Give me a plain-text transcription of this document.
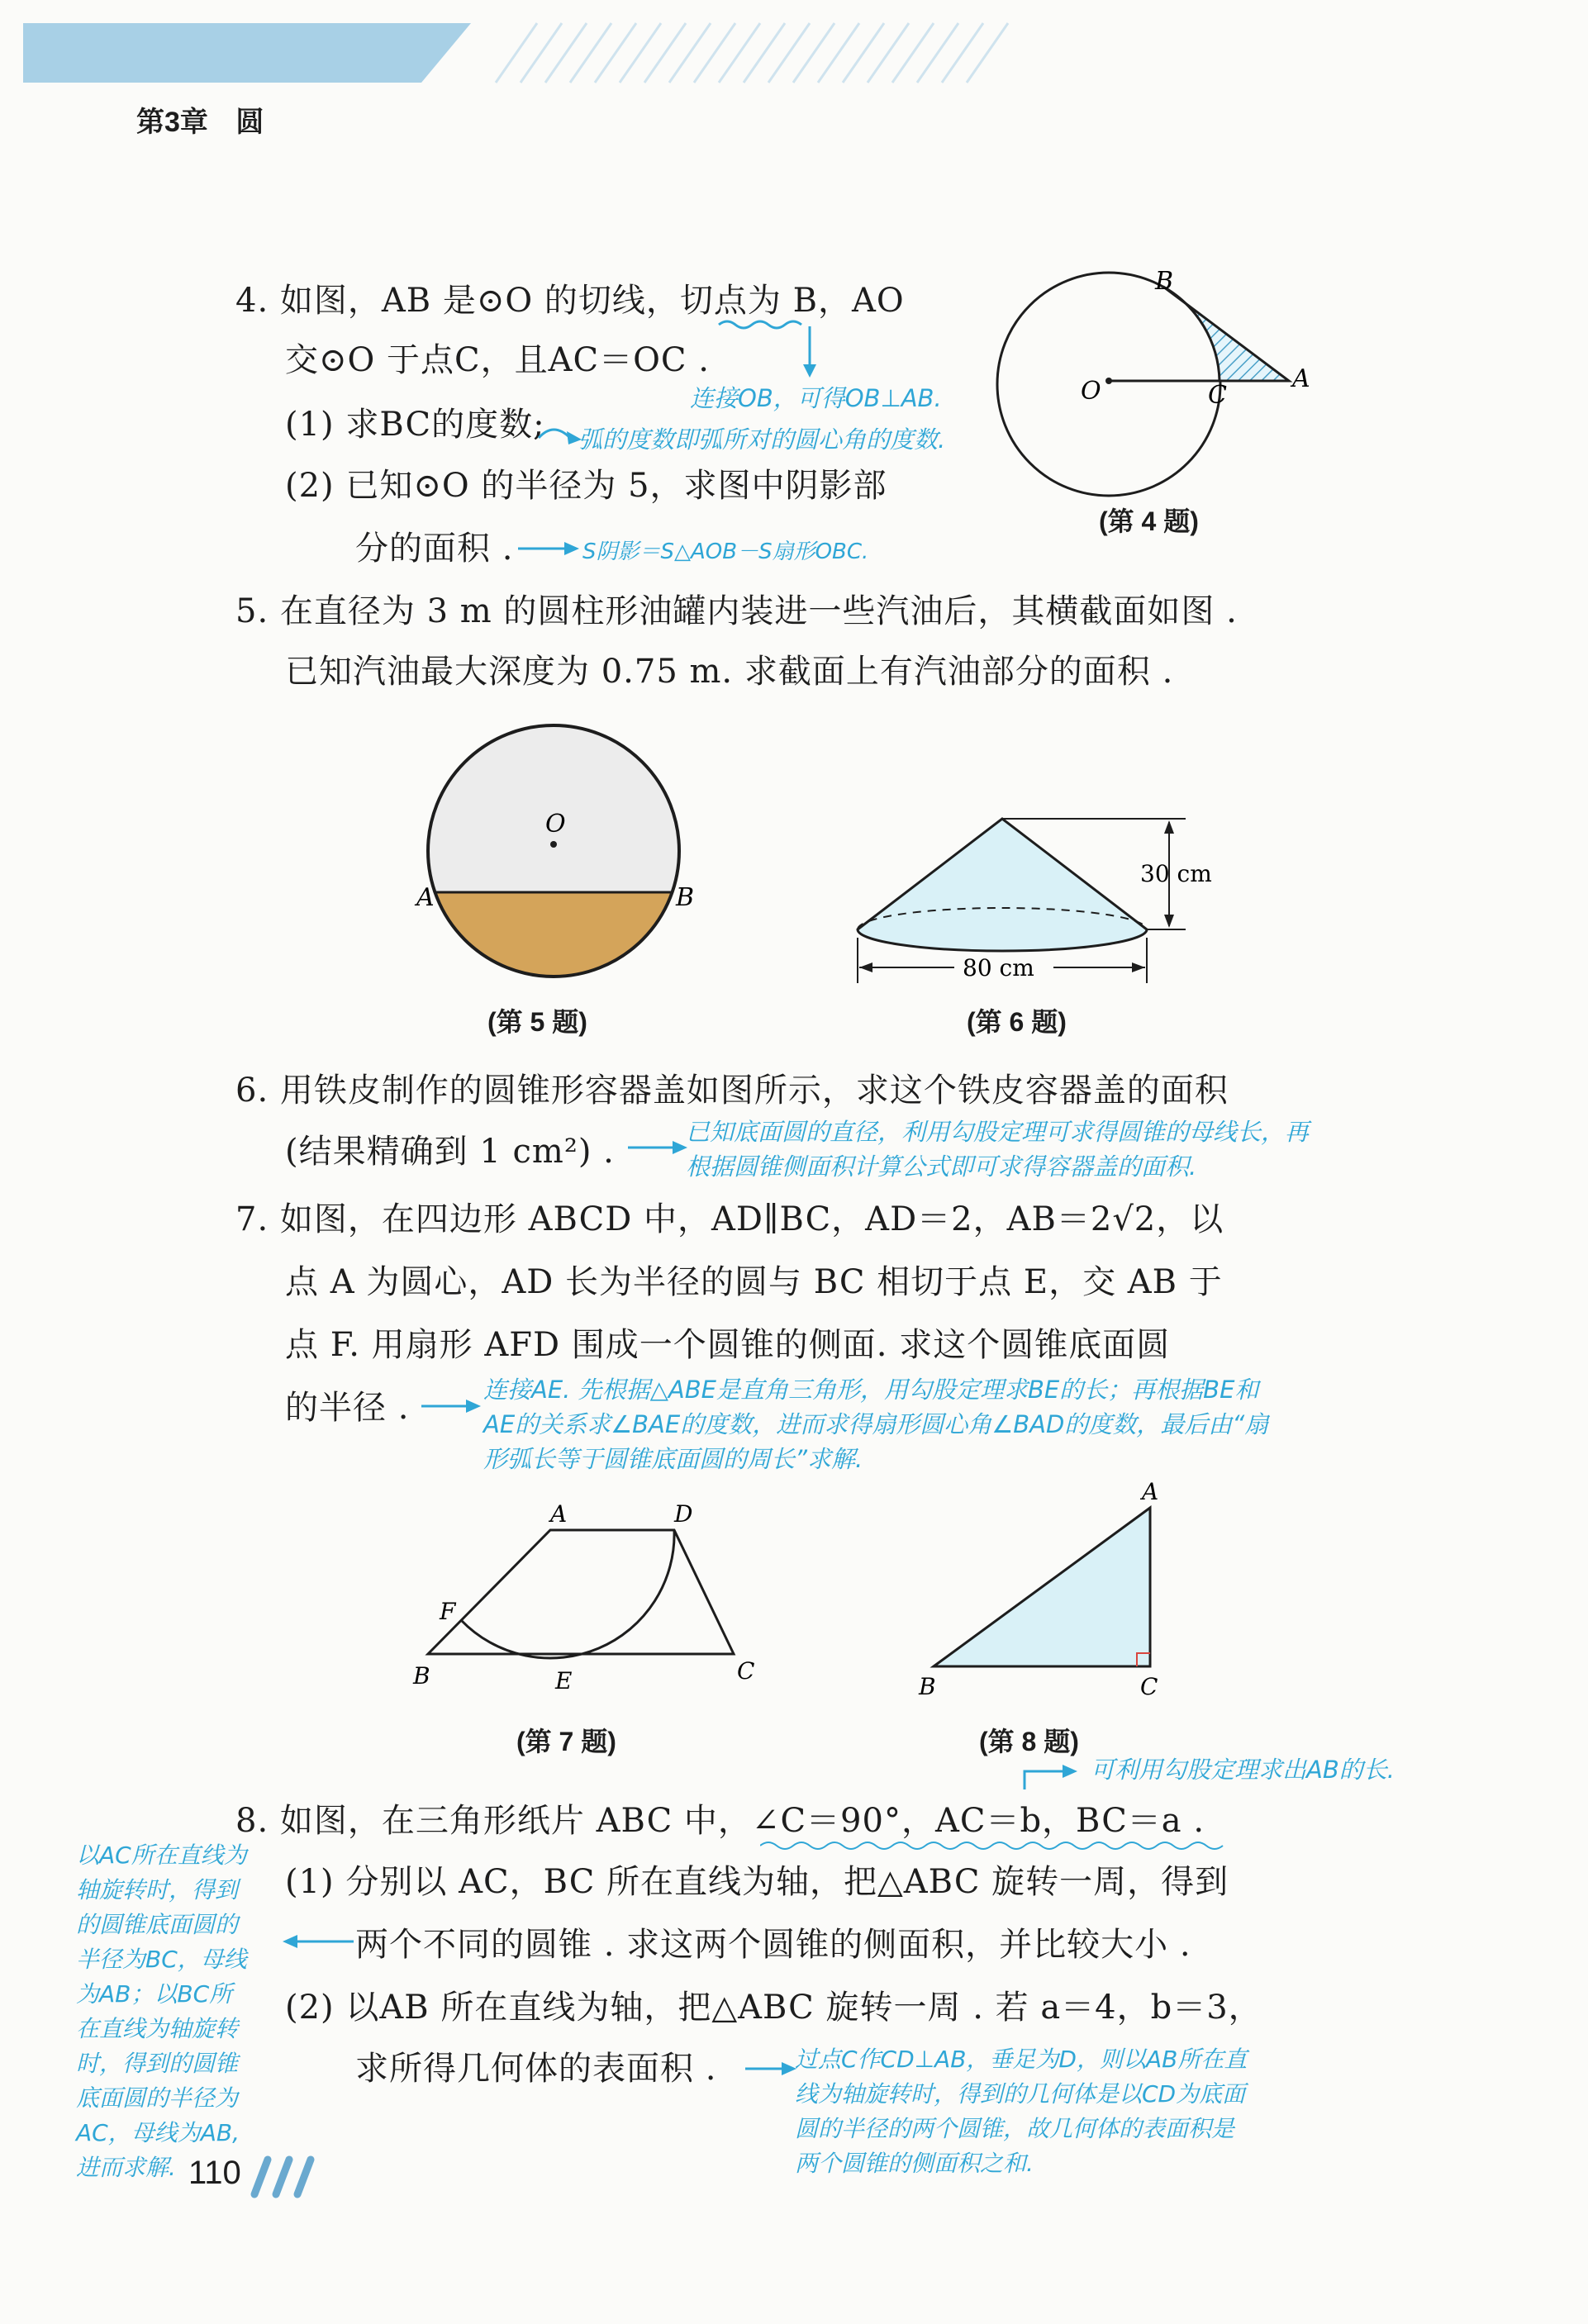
第3章 圆
4. 如图，AB 是⊙O 的切线，切点为 B，AO
交⊙O 于点C，且AC＝OC .
连接OB，可得OB⊥AB.
(1) 求BC的度数; 弧的度数即弧所对的圆心角的度数.
(2) 已知⊙O 的半径为 5，求图中阴影部
分的面积 .	S阴影＝S△AOB－S扇形OBC.
B
O	C
A
(第 4 题)
5. 在直径为 3 m 的圆柱形油罐内装进一些汽油后，其横截面如图 .
已知汽油最大深度为 0.75 m. 求截面上有汽油部分的面积 .
O
A	B
(第 5 题)
30 cm
80 cm
(第 6 题)
6. 用铁皮制作的圆锥形容器盖如图所示，求这个铁皮容器盖的面积
(结果精确到 1 cm²) .
已知底面圆的直径，利用勾股定理可求得圆锥的母线长，再
根据圆锥侧面积计算公式即可求得容器盖的面积.
7. 如图，在四边形 ABCD 中，AD∥BC，AD＝2，AB＝2√2，以
点 A 为圆心，AD 长为半径的圆与 BC 相切于点 E，交 AB 于
点 F. 用扇形 AFD 围成一个圆锥的侧面. 求这个圆锥底面圆
的半径 .	连接AE. 先根据△ABE是直角三角形，用勾股定理求BE的长；再根据BE和
AE的关系求∠BAE的度数，进而求得扇形圆心角∠BAD的度数，最后由“扇
形弧长等于圆锥底面圆的周长”求解.
A	D
F
B	E	C
(第 7 题)
A
B	C
(第 8 题)
可利用勾股定理求出AB的长.
8. 如图，在三角形纸片 ABC 中，∠C＝90°，AC＝b，BC＝a .
(1) 分别以 AC，BC 所在直线为轴，把△ABC 旋转一周，得到
两个不同的圆锥 . 求这两个圆锥的侧面积，并比较大小 .
(2) 以AB 所在直线为轴，把△ABC 旋转一周 . 若 a＝4，b＝3，
求所得几何体的表面积 .
以AC所在直线为
轴旋转时，得到
的圆锥底面圆的
半径为BC，母线
为AB；以BC所
在直线为轴旋转
时，得到的圆锥
底面圆的半径为
AC，母线为AB,
进而求解.
过点C作CD⊥AB，垂足为D，则以AB所在直
线为轴旋转时，得到的几何体是以CD为底面
圆的半径的两个圆锥，故几何体的表面积是
两个圆锥的侧面积之和.
110
